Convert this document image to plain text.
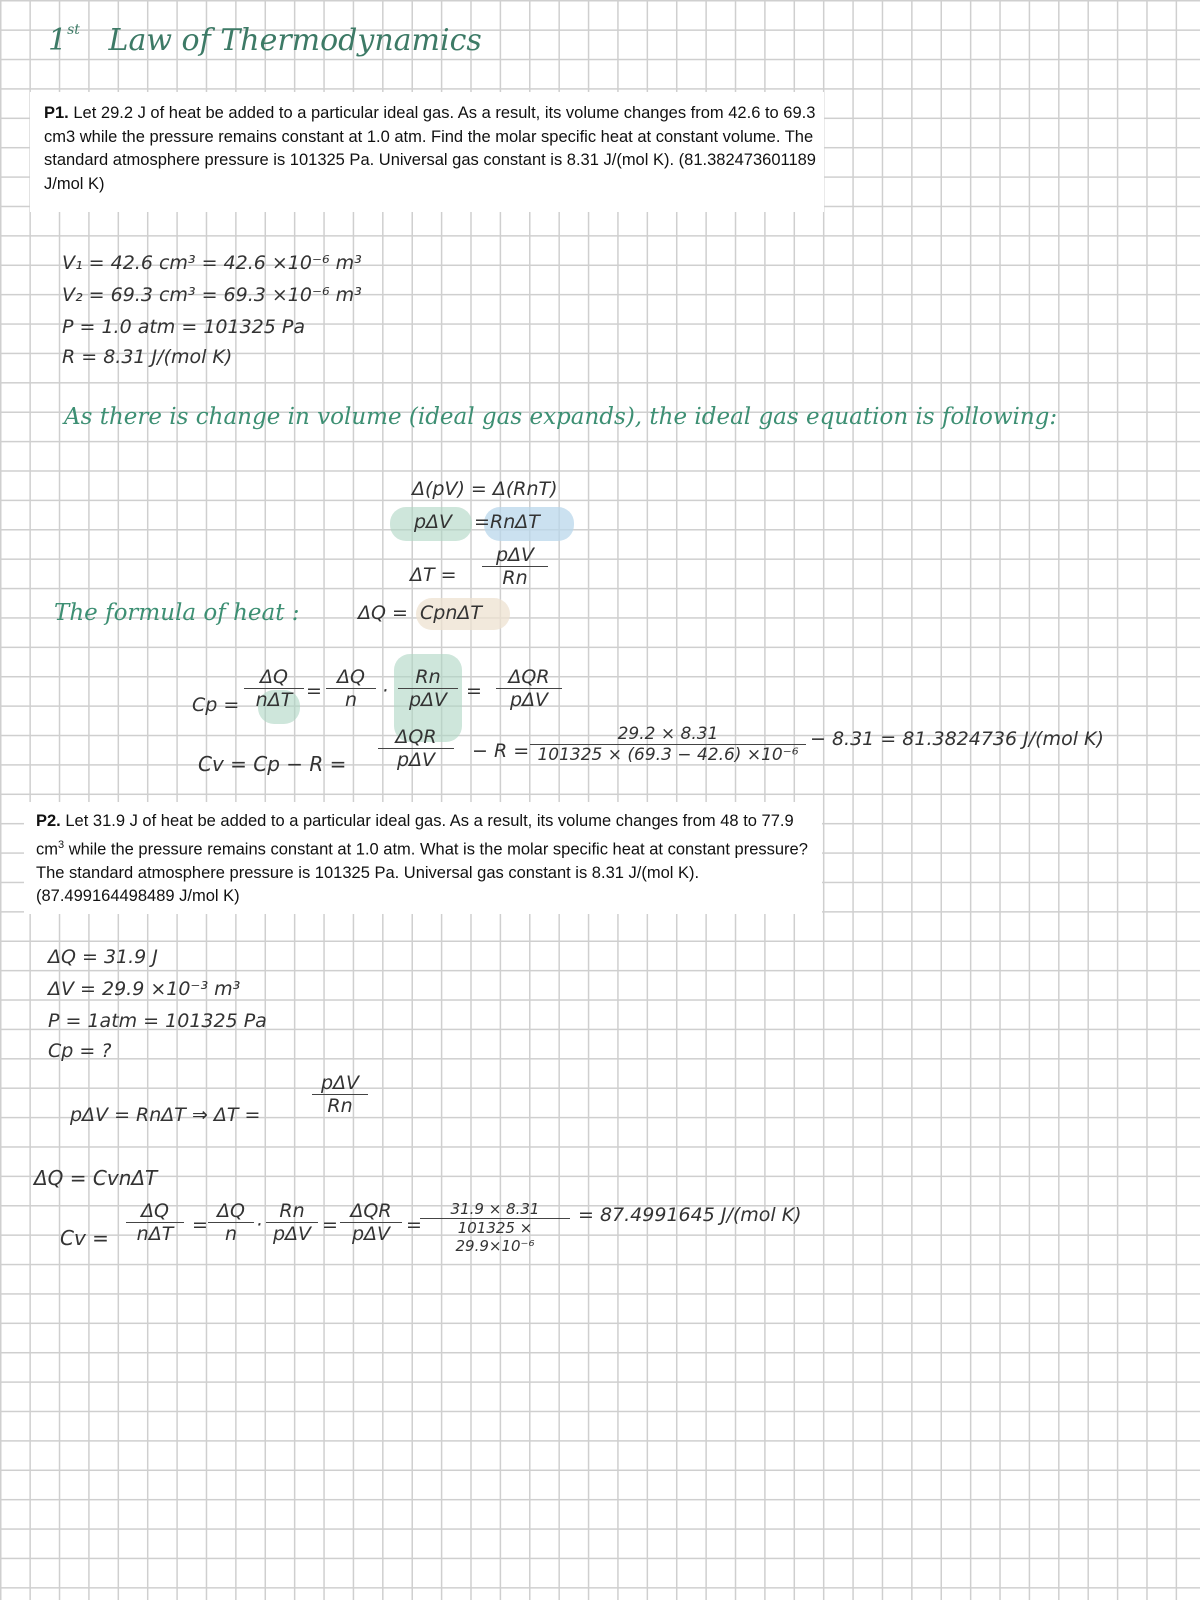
1st Law of Thermodynamics
P1. Let 29.2 J of heat be added to a particular ideal gas. As a result, its volume changes from 42.6 to 69.3 cm3 while the pressure remains constant at 1.0 atm. Find the molar specific heat at constant volume. The standard atmosphere pressure is 101325 Pa. Universal gas constant is 8.31 J/(mol K). (81.382473601189 J/mol K)
V₁ = 42.6 cm³ = 42.6 ×10⁻⁶ m³
V₂ = 69.3 cm³ = 69.3 ×10⁻⁶ m³
P = 1.0 atm = 101325 Pa
R = 8.31 J/(mol K)
As there is change in volume (ideal gas expands), the ideal gas equation is following:
Δ(pV) = Δ(RnT)
pΔV = RnΔT
ΔT =
pΔV
Rn
The formula of heat :	ΔQ = CpnΔT
Cp =
ΔQ
$n\Delta T = \frac{\Delta Q}{n}$ ·
Rn
pΔV =
ΔQR
pΔV
Cv = Cp − R =
ΔQR
pΔV	− $R = \frac{29.2 \times 8.31}{\text{101325 × (69.3 − 42.6) ×10⁻⁶}} - 8.31 = 81.3824736$ J/(mol K)
P2. Let 31.9 J of heat be added to a particular ideal gas. As a result, its volume changes from 48 to 77.9 $cm^3$ while the pressure remains constant at 1.0 atm. What is the molar specific heat at constant pressure? The standard atmosphere pressure is 101325 Pa. Universal gas constant is 8.31 J/(mol K). (87.499164498489 J/mol K)
ΔQ = 31.9 J
ΔV = 29.9 ×10⁻³ m³
P = 1atm = 101325 Pa
Cp = ?
pΔV = RnΔT ⇒ ΔT =
pΔV
Rn
ΔQ = CvnΔT
Cv =
ΔQ
$n\Delta T = \frac{\Delta Q}{n}$ ·
Rn
pΔV =
ΔQR
pΔV =
$\frac{31.9 \times 8.31}{\text{101325 × 29.9×10⁻⁶}} = 87.4991645$ J/(mol K)
